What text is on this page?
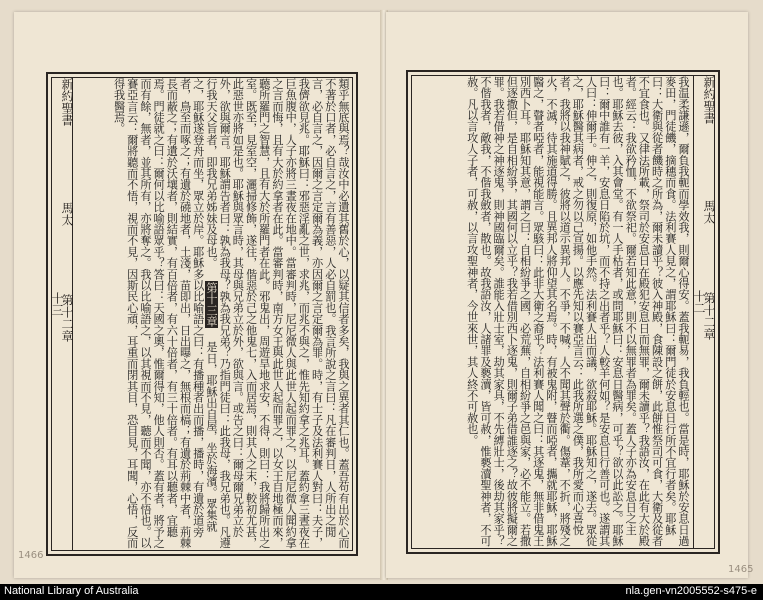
新約聖書  馬太  第十二章  十三	類乎無底與焉？哉汝中必遺其舊於心，以疑其信者多矣，我與之異者其仁也。蓋吾苟有出於心而不著於口者，必自言之，言有善惡，人必自罰也。我言所說之言曰：凡在審判日，人所出之閒言，必自言之，因爾之言定爾為義，亦因爾之言定爾為罪。時，有士子及法利賽人對曰：夫子，我儕欲見兆。耶穌曰：邪惡淫亂之世，求兆，而兆不與之，惟先知約拿之兆耳。蓋約拿三晝夜在巨魚腹中，人子亦將三晝夜在地中。當審判時，尼尼微人與此世人起而罪之，以尼尼微人聞約拿之言而悔，且有大於約拿者在此。當審判時，南方女王與此世人起而罪之，以女王自地極而來，聽所羅門之智慧，且有大於所羅門者在此。邪鬼出，周遊旱地求安，不得，則曰：我將歸所出之室。既至，見室空，灑掃修飾，遂往，偕惡於己之他鬼七，入而居焉，則其人之末，較初尤甚，此惡世亦將如是也。耶穌與眾言時，其母與兄弟立於外，欲與言。或告之曰：爾母爾兄弟立於外，欲與爾言。耶穌謂告者曰：孰為我母？孰為我兄弟？乃指門徒曰：此我母，我兄弟也。凡遵行我天父旨者，即我兄弟姊妹及母也。 第十三章 是日，耶穌出自屋，坐於海濱。眾集就之，耶穌遂登舟而坐，眾立於岸。耶穌多以比喻語之曰：有播種者出而播，播時，有遺於道旁者，鳥至而啄之；有遺於磽地者，土淺，苗即出，日出曝之，無根而槁；有遺於荊棘中者，荊棘長而蔽之；有遺於沃壤者，則結實，有百倍者，有六十倍者，有三十倍者。有耳以聽者，宜聽焉。門徒就之曰：爾何以比喻語眾乎？答曰：天國之奧，惟爾得知，他人則否。蓋有者，將予之而有餘，無者，並其所有，亦將奪之。我以比喻語之，以其視而不見，聽而不聞，亦不悟也。以賽亞言云：爾將聽而不悟，視而不見，因斯民心頑，耳重而閉其目，恐目見，耳聞，心悟，反而得我醫焉。
1466
新約聖書  馬太  第十二章  十二
我温柔謙遜，爾負我軛而學效我，則爾心得安。蓋我軛易，我負輕也。當是時，耶穌於安息日過麥田，門徒饑，摘穗而食。法利賽人見之，謂耶穌曰：爾門徒於安息日行所不宜行者矣。耶穌曰：大衛與從者饑時之所為，爾未讀乎？彼入神殿，食陳設之餅，此餅惟祭司可食，大衛及從者不宜食也。又律法所載，祭司於安息日在殿犯安息日而無罪，爾未讀乎？我語汝，在此有大於殿者。經云：我欲矜恤，不欲祭祀。爾若知此意，則不以無罪者為罪矣。蓋人子亦為安息日之主也。耶穌去彼，入其會堂。有一人手枯者，或問耶穌曰：安息日醫病，可乎？欲以此訟之。耶穌曰：爾中誰有一羊，安息日陷於坑，而不持之出者乎？人較羊何如？是安息日行善可也。遂謂其人曰：伸爾手。伸之，則復原，如他手然。法利賽人出而議，欲殺耶穌。耶穌知之，遂去。眾從之，耶穌醫其病者，戒之勿以己宣揚。以應先知以賽亞言云：此我所選之僕，我所愛而心喜悅者，我將以我神賦之，彼將以道示異邦人。不爭，不喊，人不聞其聲於衢。傷葦，不折，將殘之火，不滅，待其施道得勝。且異邦人將仰望其名焉。時，有被鬼附，瞽而啞者，攜就耶穌，耶穌醫之，瞽者啞者，能視能言。眾駭曰：此非大衛之裔乎？法利賽人聞之曰：其逐鬼，無非借鬼王別西卜耳。耶穌知其意，謂之曰：自相紛爭之國，必荒蕪，自相紛爭之邑與家，必不能立。若撒但逐撒但，是自相紛爭，其國何以立乎？我若借別西卜逐鬼，則爾子弟借誰逐之？故彼將擬爾之罪。我若借神之神逐鬼，則神國臨爾矣。誰能入壯士室，劫其家具，不先縛壯士，後劫其家乎？不偕我者，敵我，不偕我斂者，散也。故我語汝，人諸罪及褻瀆，皆可赦，惟褻瀆聖神者，不可赦。凡以言攻人子者，可赦，以言攻聖神者，今世來世，其人終不可赦也。
1465
National Library of Australia	nla.gen-vn2005552-s475-e
